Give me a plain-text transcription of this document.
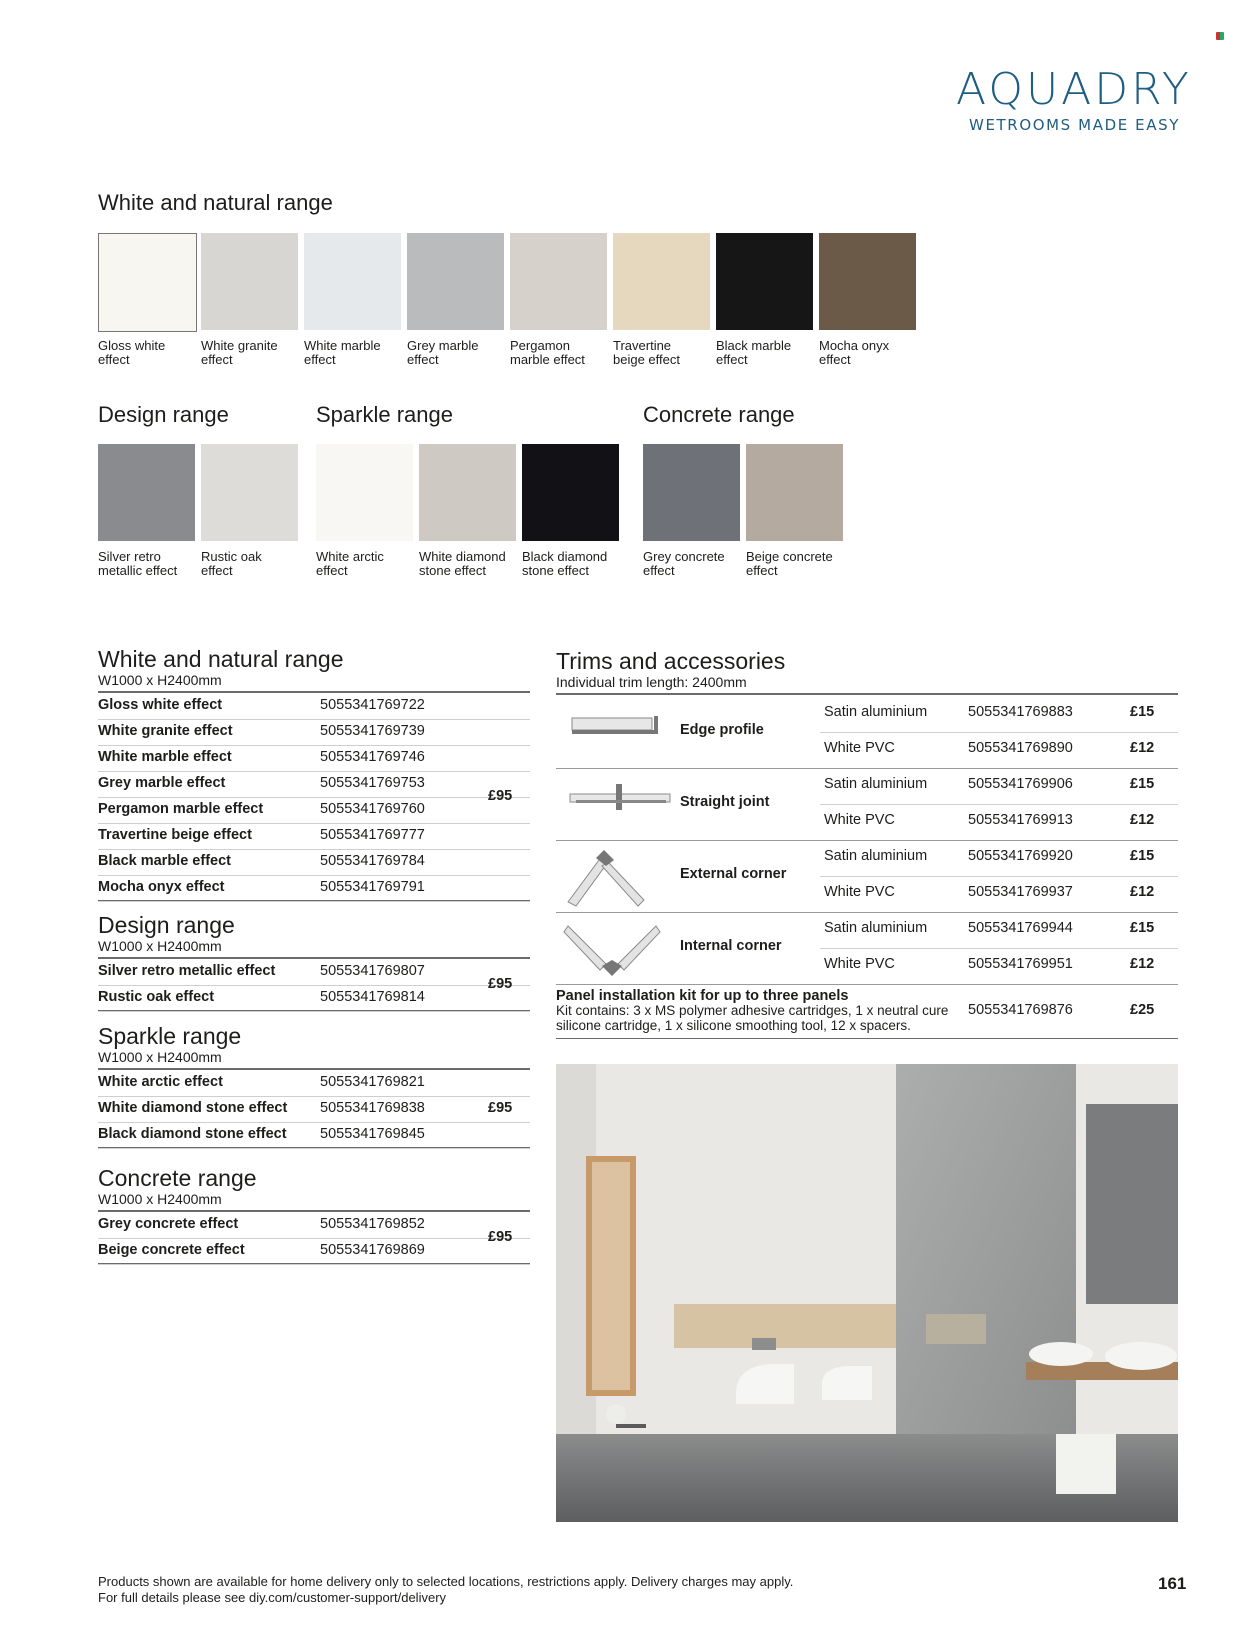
AQUADRY
WETROOMS MADE EASY
White and natural range
Gloss white
effect
White granite
effect
White marble
effect
Grey marble
effect
Pergamon
marble effect
Travertine
beige effect
Black marble
effect
Mocha onyx
effect
Design range	Sparkle range	Concrete range
Silver retro
metallic effect
Rustic oak
effect
White arctic
effect
White diamond
stone effect
Black diamond
stone effect
Grey concrete
effect
Beige concrete
effect
White and natural range
W1000 x H2400mm
Gloss white effect	5055341769722
White granite effect	5055341769739
White marble effect	5055341769746
Grey marble effect	5055341769753
Pergamon marble effect	5055341769760
Travertine beige effect	5055341769777
Black marble effect	5055341769784
Mocha onyx effect	5055341769791
£95
Design range
W1000 x H2400mm
Silver retro metallic effect	5055341769807
Rustic oak effect	5055341769814
£95
Sparkle range
W1000 x H2400mm
White arctic effect	5055341769821
White diamond stone effect 5055341769838
Black diamond stone effect 5055341769845
£95
Concrete range
W1000 x H2400mm
Grey concrete effect	5055341769852
Beige concrete effect	5055341769869
£95
Trims and accessories
Individual trim length: 2400mm
Edge profile
Satin aluminium	5055341769883	£15
White PVC	5055341769890	£12
Straight joint
Satin aluminium	5055341769906	£15
White PVC	5055341769913	£12
External corner
Satin aluminium	5055341769920	£15
White PVC	5055341769937	£12
Internal corner
Satin aluminium	5055341769944	£15
White PVC	5055341769951	£12
Panel installation kit for up to three panels
Kit contains: 3 x MS polymer adhesive cartridges, 1 x neutral cure
silicone cartridge, 1 x silicone smoothing tool, 12 x spacers.
5055341769876	£25
Products shown are available for home delivery only to selected locations, restrictions apply. Delivery charges may apply.
For full details please see diy.com/customer-support/delivery
161
